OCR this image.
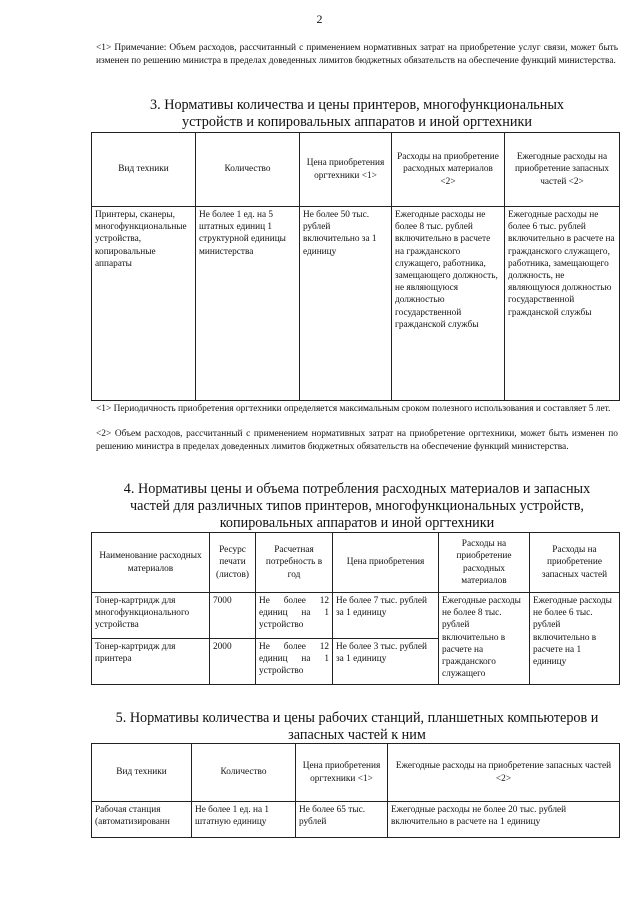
2
<1> Примечание: Объем расходов, рассчитанный с применением нормативных затрат на приобретение услуг связи, может быть изменен по решению министра в пределах доведенных лимитов бюджетных обязательств на обеспечение функций министерства.
3. Нормативы количества и цены принтеров, многофункциональных
устройств и копировальных аппаратов и иной оргтехники
Вид техники	Количество	Цена приобретения оргтехники <1>	Расходы на приобретение расходных материалов <2>	Ежегодные расходы на приобретение запасных частей <2>
Принтеры, сканеры, многофункциональные устройства, копировальные аппараты	Не более 1 ед. на 5 штатных единиц 1 структурной единицы министерства	Не более 50 тыс. рублей включительно за 1 единицу	Ежегодные расходы не более 8 тыс. рублей включительно в расчете на гражданского служащего, работника, замещающего должность, не являющуюся должностью государственной гражданской службы	Ежегодные расходы не более 6 тыс. рублей включительно в расчете на гражданского служащего, работника, замещающего должность, не являющуюся должностью государственной гражданской службы
<1> Периодичность приобретения оргтехники определяется максимальным сроком полезного использования и составляет 5 лет.
<2> Объем расходов, рассчитанный с применением нормативных затрат на приобретение оргтехники, может быть изменен по решению министра в пределах доведенных лимитов бюджетных обязательств на обеспечение функций министерства.
4. Нормативы цены и объема потребления расходных материалов и запасных
частей для различных типов принтеров, многофункциональных устройств,
копировальных аппаратов и иной оргтехники
Наименование расходных материалов	Ресурс печати (листов)	Расчетная потребность в год	Цена приобретения	Расходы на приобретение расходных материалов	Расходы на приобретение запасных частей
Тонер-картридж для многофункционального устройства	7000	Не более 12 единиц на 1 устройство	Не более 7 тыс. рублей за 1 единицу	Ежегодные расходы не более 8 тыс. рублей включительно в расчете на гражданского служащего	Ежегодные расходы не более 6 тыс. рублей включительно в расчете на 1 единицу
Тонер-картридж для принтера	2000	Не более 12 единиц на 1 устройство	Не более 3 тыс. рублей за 1 единицу		
5. Нормативы количества и цены рабочих станций, планшетных компьютеров и
запасных частей к ним
Вид техники	Количество	Цена приобретения оргтехники <1>	Ежегодные расходы на приобретение запасных частей <2>
Рабочая станция (автоматизированн	Не более 1 ед. на 1 штатную единицу	Не более 65 тыс. рублей	Ежегодные расходы не более 20 тыс. рублей включительно в расчете на 1 единицу
